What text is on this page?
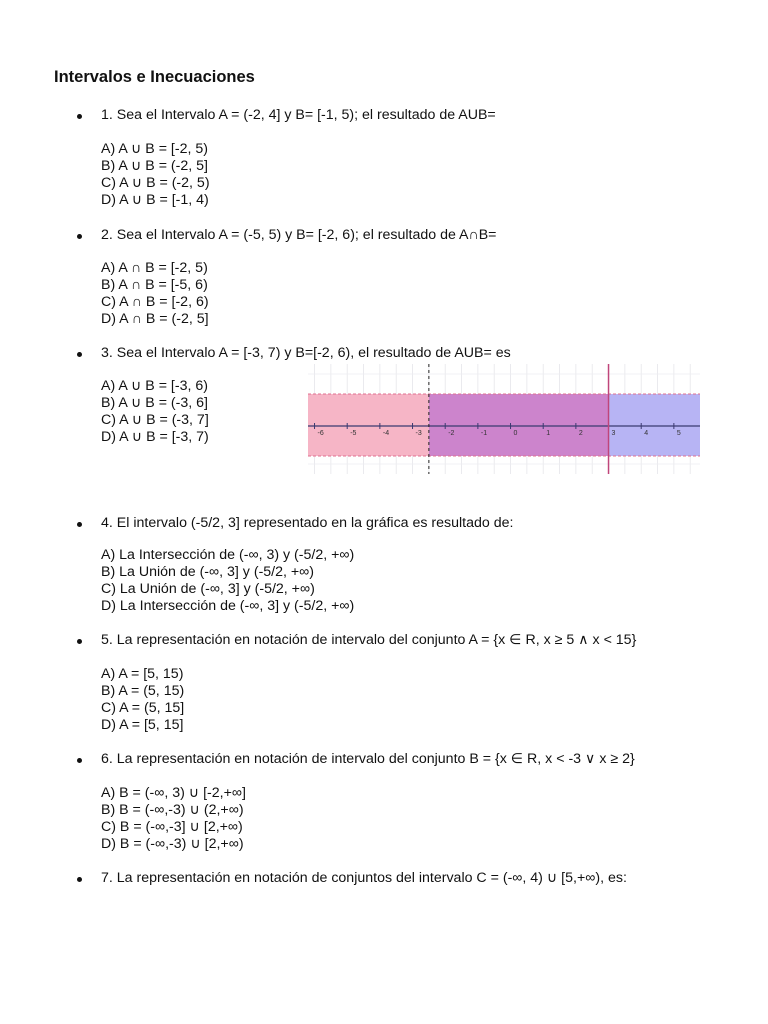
Intervalos e Inecuaciones
1. Sea el Intervalo A = (-2, 4] y B= [-1, 5); el resultado de AUB=
A) A ∪ B = [-2, 5)
B) A ∪ B = (-2, 5]
C) A ∪ B = (-2, 5)
D) A ∪ B = [-1, 4)
2. Sea el Intervalo A = (-5, 5) y B= [-2, 6); el resultado de A∩B=
A) A ∩ B = [-2, 5)
B) A ∩ B = [-5, 6)
C) A ∩ B = [-2, 6)
D) A ∩ B = (-2, 5]
3. Sea el Intervalo A = [-3, 7) y B=[-2, 6), el resultado de AUB= es
A) A ∪ B = [-3, 6)
B) A ∪ B = (-3, 6]
C) A ∪ B = (-3, 7]
D) A ∪ B = [-3, 7)	-6	-5	-4	-3	-2	-1	0	1	2	3	4	5
4. El intervalo (-5/2, 3] representado en la gráfica es resultado de:
A) La Intersección de (-∞, 3) y (-5/2, +∞)
B) La Unión de (-∞, 3] y (-5/2, +∞)
C) La Unión de (-∞, 3] y (-5/2, +∞)
D) La Intersección de (-∞, 3] y (-5/2, +∞)
5. La representación en notación de intervalo del conjunto A = {x ∈ R, x ≥ 5 ∧ x < 15}
A) A = [5, 15)
B) A = (5, 15)
C) A = (5, 15]
D) A = [5, 15]
6. La representación en notación de intervalo del conjunto B = {x ∈ R, x < -3 ∨ x ≥ 2}
A) B = (-∞, 3) ∪ [-2,+∞]
B) B = (-∞,-3) ∪ (2,+∞)
C) B = (-∞,-3] ∪ [2,+∞)
D) B = (-∞,-3) ∪ [2,+∞)
7. La representación en notación de conjuntos del intervalo C = (-∞, 4) ∪ [5,+∞), es:
